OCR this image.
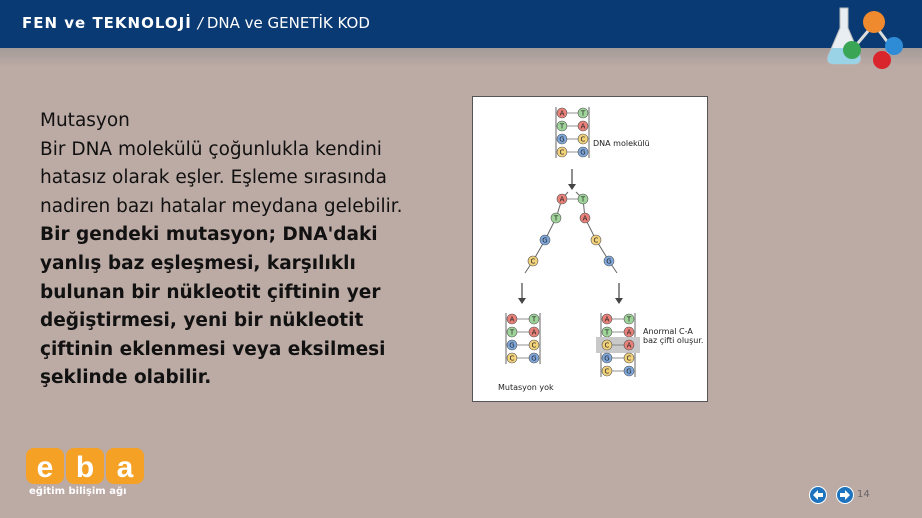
FEN ve TEKNOLOJİ / DNA ve GENETİK KOD
Mutasyon
Bir DNA molekülü çoğunlukla kendini hatasız olarak eşler. Eşleme sırasında nadiren bazı hatalar meydana gelebilir.
Bir gendeki mutasyon; DNA'daki yanlış baz eşleşmesi, karşılıklı bulunan bir nükleotit çiftinin yer değiştirmesi, yeni bir nükleotit çiftinin eklenmesi veya eksilmesi şeklinde olabilir.
A T
T A
G C
C G
A T
T	A
G	C
C	G
A T
T A
G C
C G
A T
T A
C A
G C
C G
DNA molekülü
Anormal C-A
baz çifti oluşur.
Mutasyon yok
e b a
eğitim bilişim ağı	14
